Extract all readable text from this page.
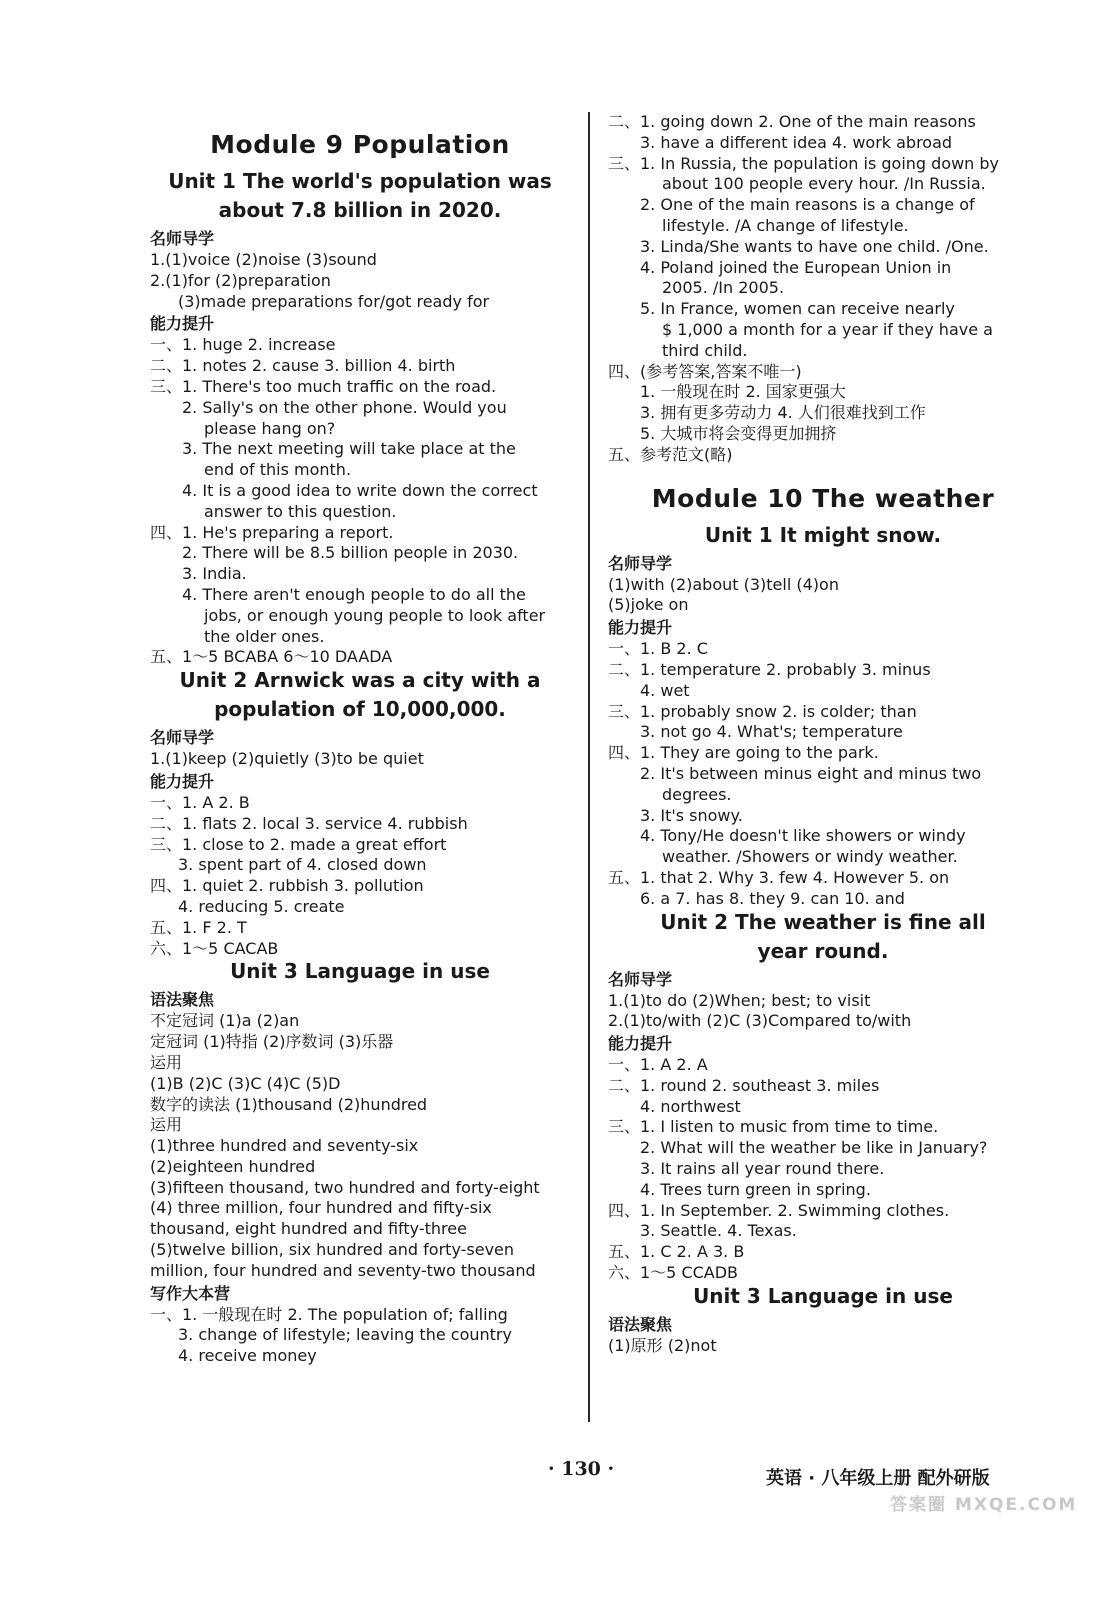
Module 9 Population
Unit 1 The world's population was
about 7.8 billion in 2020.
名师导学
1.(1)voice (2)noise (3)sound
2.(1)for (2)preparation
(3)made preparations for/got ready for
能力提升
一、1. huge 2. increase
二、1. notes 2. cause 3. billion 4. birth
三、1. There's too much traffic on the road.
2. Sally's on the other phone. Would you
please hang on?
3. The next meeting will take place at the
end of this month.
4. It is a good idea to write down the correct
answer to this question.
四、1. He's preparing a report.
2. There will be 8.5 billion people in 2030.
3. India.
4. There aren't enough people to do all the
jobs, or enough young people to look after
the older ones.
五、1～5 BCABA 6～10 DAADA
Unit 2 Arnwick was a city with a
population of 10,000,000.
名师导学
1.(1)keep (2)quietly (3)to be quiet
能力提升
一、1. A 2. B
二、1. flats 2. local 3. service 4. rubbish
三、1. close to 2. made a great effort
3. spent part of 4. closed down
四、1. quiet 2. rubbish 3. pollution
4. reducing 5. create
五、1. F 2. T
六、1～5 CACAB
Unit 3 Language in use
语法聚焦
不定冠词 (1)a (2)an
定冠词 (1)特指 (2)序数词 (3)乐器
运用
(1)B (2)C (3)C (4)C (5)D
数字的读法 (1)thousand (2)hundred
运用
(1)three hundred and seventy-six
(2)eighteen hundred
(3)fifteen thousand, two hundred and forty-eight
(4) three million, four hundred and fifty-six
thousand, eight hundred and fifty-three
(5)twelve billion, six hundred and forty-seven
million, four hundred and seventy-two thousand
写作大本营
一、1. 一般现在时 2. The population of; falling
3. change of lifestyle; leaving the country
4. receive money
二、1. going down 2. One of the main reasons
3. have a different idea 4. work abroad
三、1. In Russia, the population is going down by
about 100 people every hour. /In Russia.
2. One of the main reasons is a change of
lifestyle. /A change of lifestyle.
3. Linda/She wants to have one child. /One.
4. Poland joined the European Union in
2005. /In 2005.
5. In France, women can receive nearly
$ 1,000 a month for a year if they have a
third child.
四、(参考答案,答案不唯一)
1. 一般现在时 2. 国家更强大
3. 拥有更多劳动力 4. 人们很难找到工作
5. 大城市将会变得更加拥挤
五、参考范文(略)
Module 10 The weather
Unit 1 It might snow.
名师导学
(1)with (2)about (3)tell (4)on
(5)joke on
能力提升
一、1. B 2. C
二、1. temperature 2. probably 3. minus
4. wet
三、1. probably snow 2. is colder; than
3. not go 4. What's; temperature
四、1. They are going to the park.
2. It's between minus eight and minus two
degrees.
3. It's snowy.
4. Tony/He doesn't like showers or windy
weather. /Showers or windy weather.
五、1. that 2. Why 3. few 4. However 5. on
6. a 7. has 8. they 9. can 10. and
Unit 2 The weather is fine all
year round.
名师导学
1.(1)to do (2)When; best; to visit
2.(1)to/with (2)C (3)Compared to/with
能力提升
一、1. A 2. A
二、1. round 2. southeast 3. miles
4. northwest
三、1. I listen to music from time to time.
2. What will the weather be like in January?
3. It rains all year round there.
4. Trees turn green in spring.
四、1. In September. 2. Swimming clothes.
3. Seattle. 4. Texas.
五、1. C 2. A 3. B
六、1～5 CCADB
Unit 3 Language in use
语法聚焦
(1)原形 (2)not
· 130 ·	英语 · 八年级上册 配外研版
答案圈 MXQE.COM
